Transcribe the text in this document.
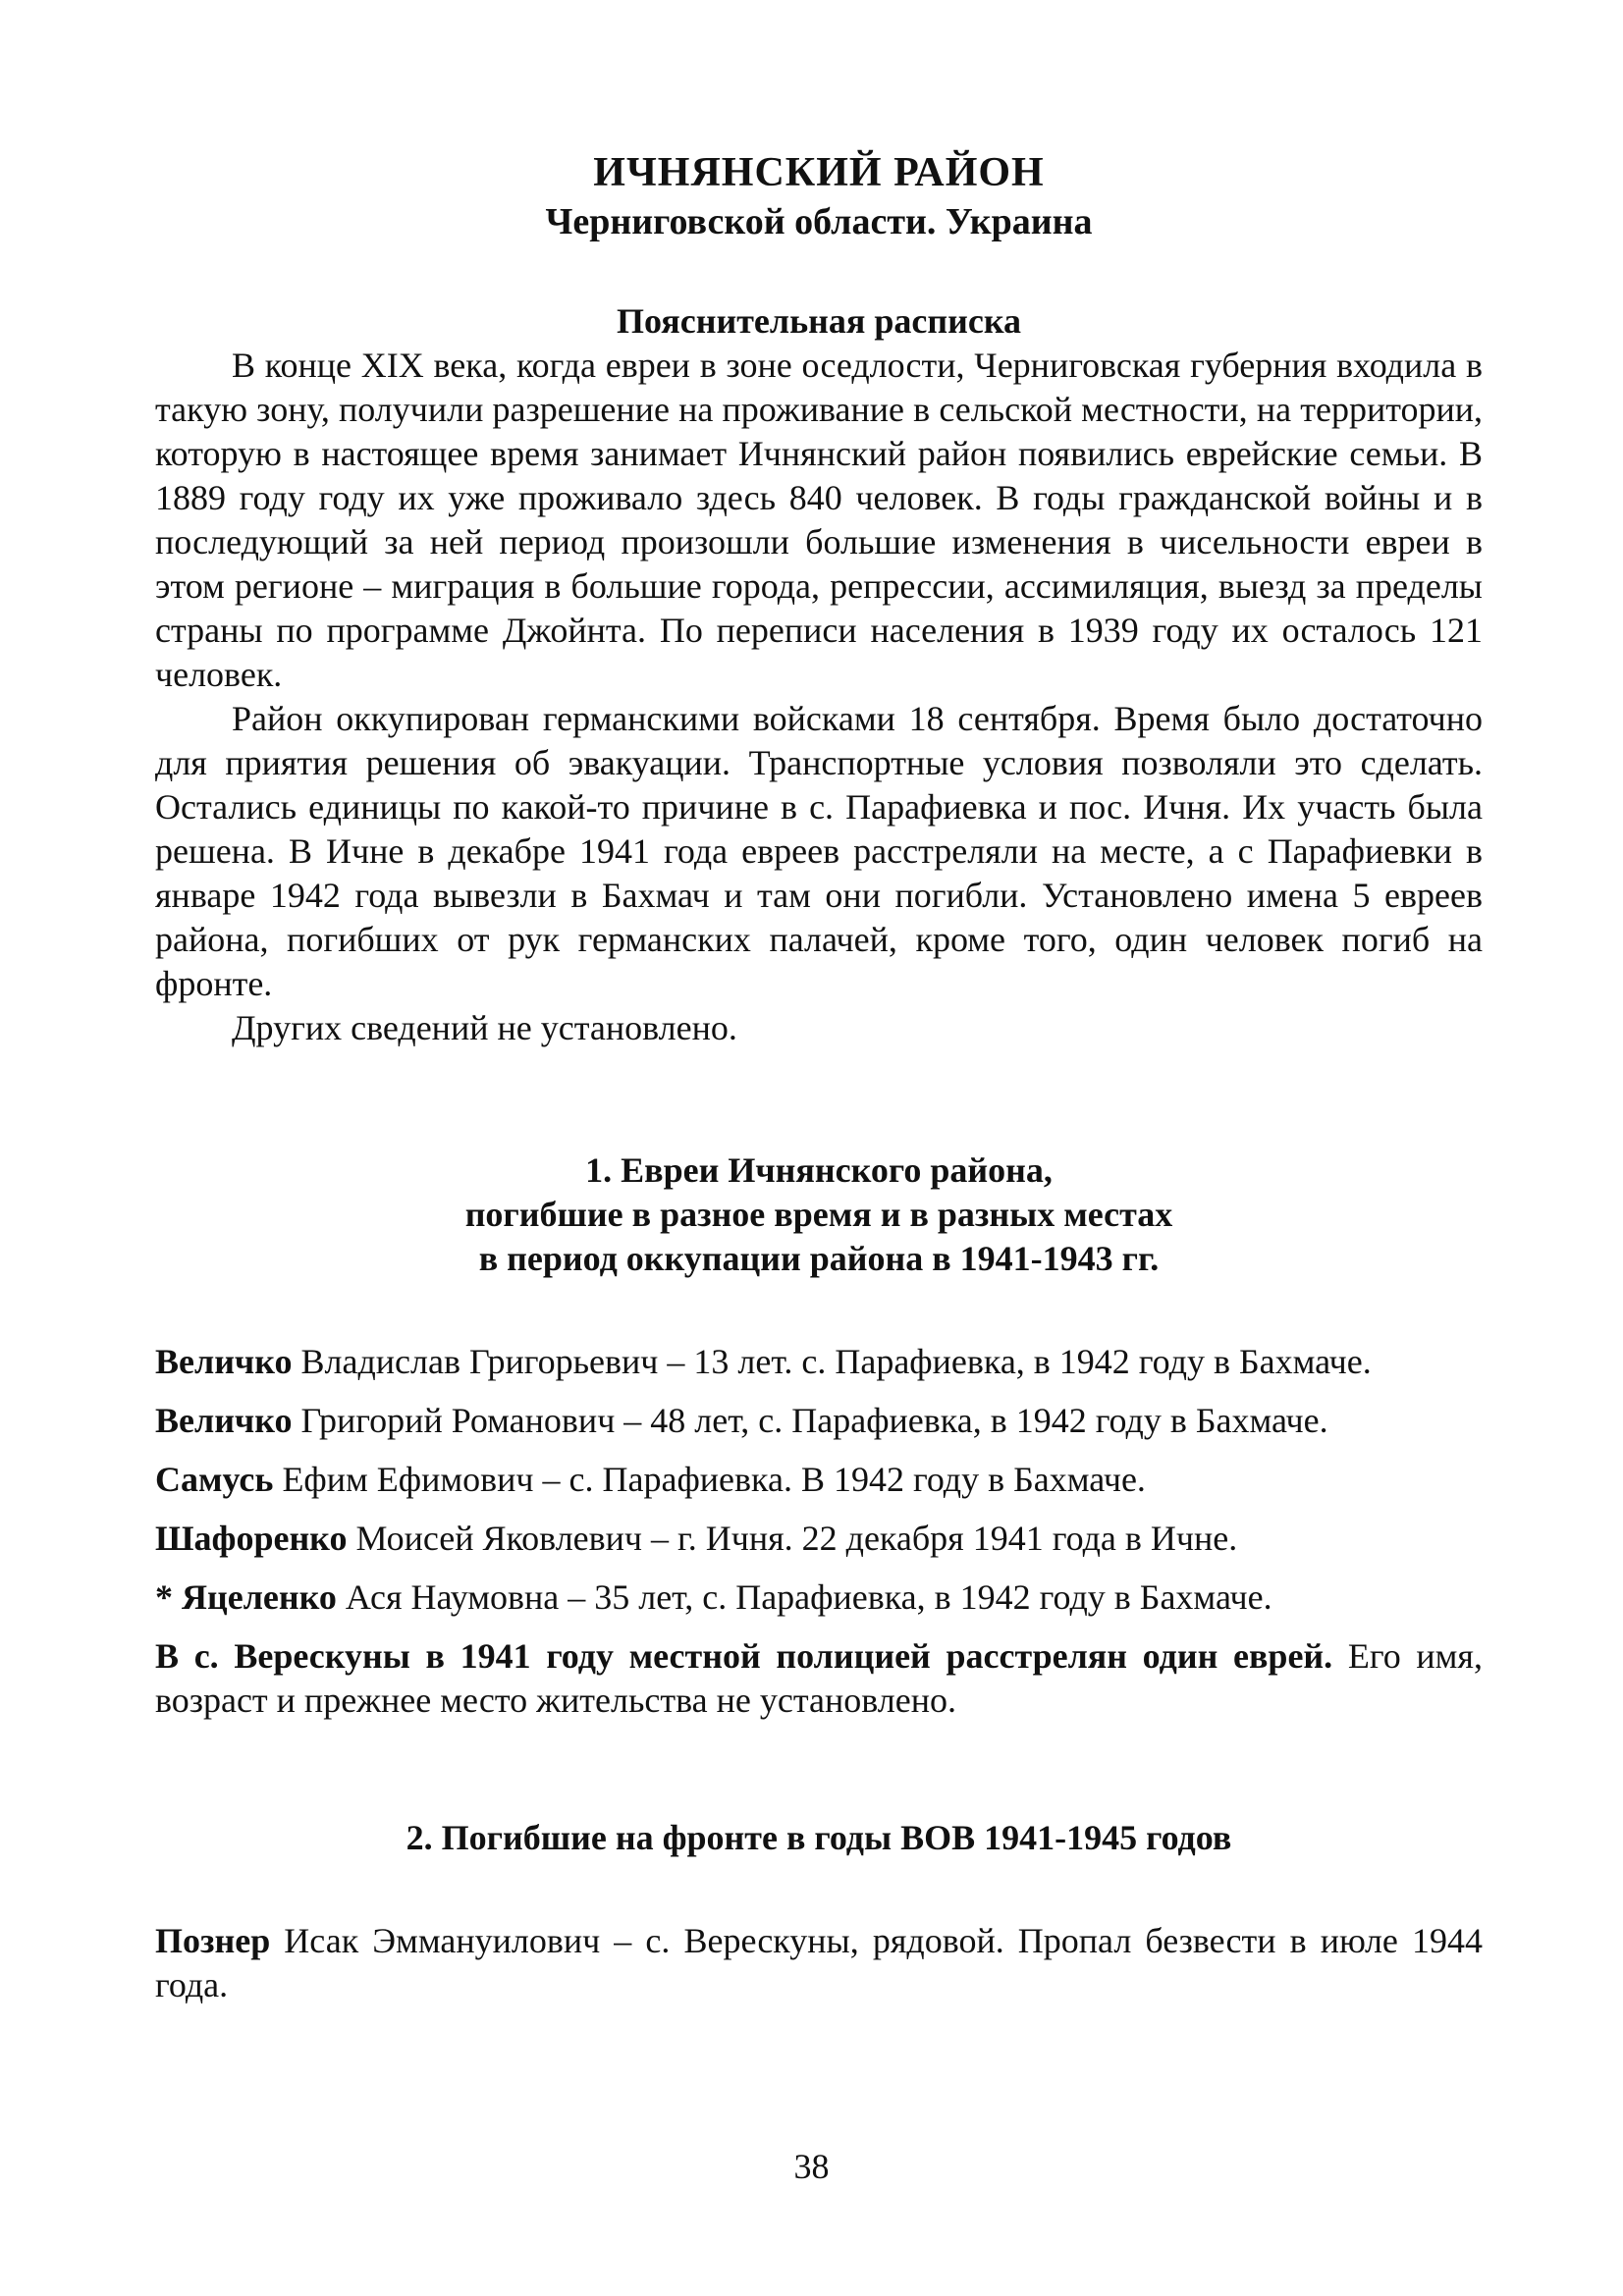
ИЧНЯНСКИЙ РАЙОН
Черниговской области. Украина
Пояснительная расписка

В конце XIX века, когда евреи в зоне оседлости, Черниговская губерния входила в такую зону, получили разрешение на проживание в сельской местности, на территории, которую в настоящее время занимает Ичнянский район появились еврейские семьи. В 1889 году году их уже проживало здесь 840 человек. В годы гражданской войны и в последующий за ней период произошли большие изменения в чисельности евреи в этом регионе – миграция в большие города, репрессии, ассимиляция, выезд за пределы страны по программе Джойнта. По переписи населения в 1939 году их осталось 121 человек.

Район оккупирован германскими войсками 18 сентября. Время было достаточно для приятия решения об эвакуации. Транспортные условия позволяли это сделать. Остались единицы по какой-то причине в с. Парафиевка и пос. Ичня. Их участь была решена. В Ичне в декабре 1941 года евреев расстреляли на месте, а с Парафиевки в январе 1942 года вывезли в Бахмач и там они погибли. Установлено имена 5 евреев района, погибших от рук германских палачей, кроме того, один человек погиб на фронте.

Других сведений не установлено.

1. Евреи Ичнянского района,
погибшие в разное время и в разных местах
в период оккупации района в 1941-1943 гг.

Величко Владислав Григорьевич – 13 лет. с. Парафиевка, в 1942 году в Бахмаче.

Величко Григорий Романович – 48 лет, с. Парафиевка, в 1942 году в Бахмаче.

Самусь Ефим Ефимович – с. Парафиевка. В 1942 году в Бахмаче.

Шафоренко Моисей Яковлевич – г. Ичня. 22 декабря 1941 года в Ичне.

* Яцеленко Ася Наумовна – 35 лет, с. Парафиевка, в 1942 году в Бахмаче.

В с. Верескуны в 1941 году местной полицией расстрелян один еврей. Его имя, возраст и прежнее место жительства не установлено.

2. Погибшие на фронте в годы ВОВ 1941-1945 годов

Познер Исак Эммануилович – с. Верескуны, рядовой. Пропал безвести в июле 1944 года.

38
